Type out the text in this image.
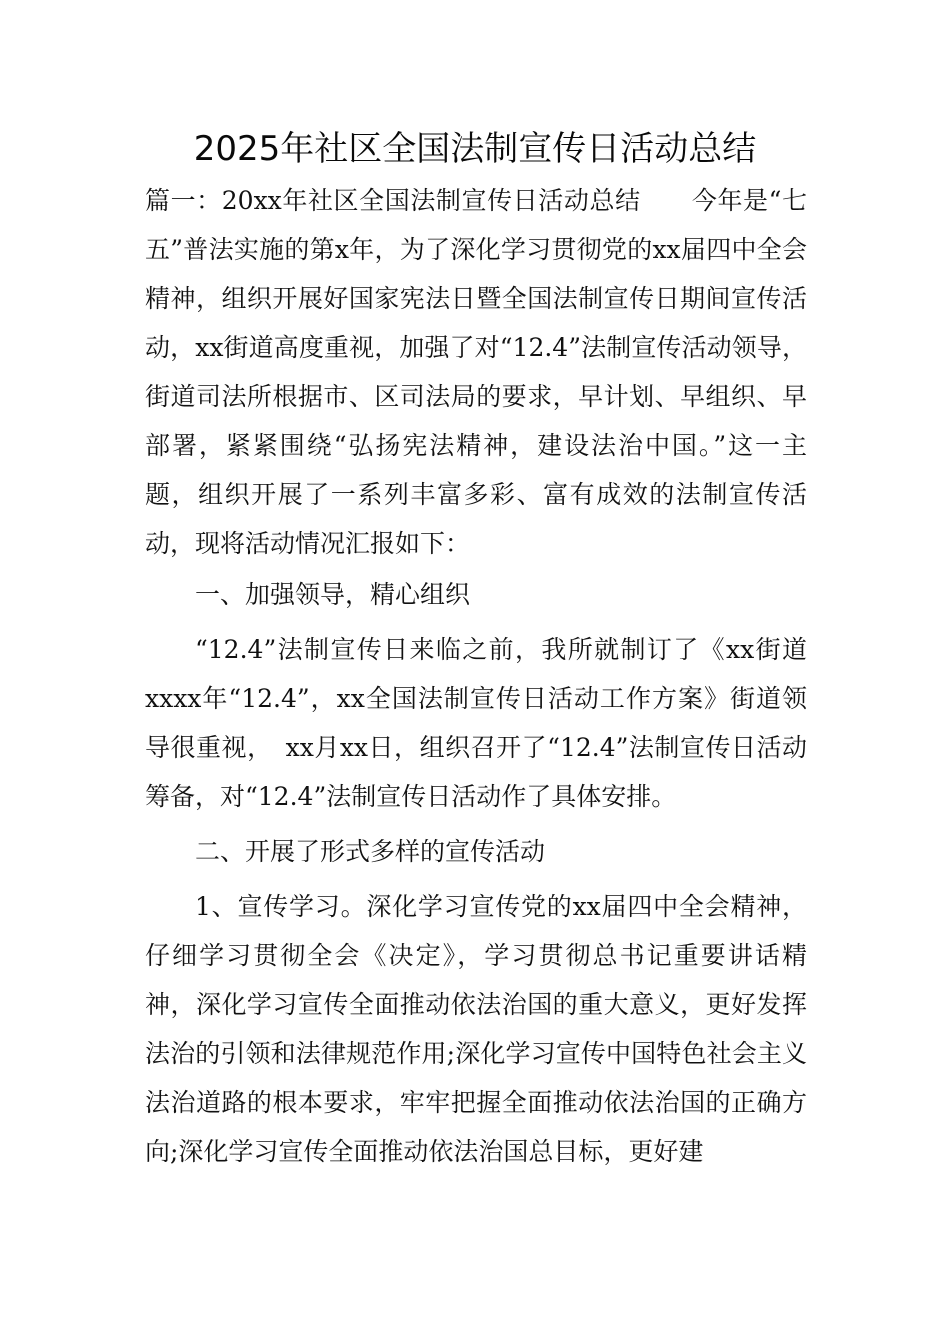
2025年社区全国法制宣传日活动总结

篇一：20xx年社区全国法制宣传日活动总结　　今年是“七五”普法实施的第x年，为了深化学习贯彻党的xx届四中全会精神，组织开展好国家宪法日暨全国法制宣传日期间宣传活动，xx街道高度重视，加强了对“12.4”法制宣传活动领导，街道司法所根据市、区司法局的要求，早计划、早组织、早部署，紧紧围绕“弘扬宪法精神，建设法治中国。”这一主题，组织开展了一系列丰富多彩、富有成效的法制宣传活动，现将活动情况汇报如下：

一、加强领导，精心组织

“12.4”法制宣传日来临之前，我所就制订了《xx街道xxxx年“12.4”，xx全国法制宣传日活动工作方案》街道领导很重视，　xx月xx日，组织召开了“12.4”法制宣传日活动筹备，对“12.4”法制宣传日活动作了具体安排。

二、开展了形式多样的宣传活动

1、宣传学习。深化学习宣传党的xx届四中全会精神，仔细学习贯彻全会《决定》，学习贯彻总书记重要讲话精神，深化学习宣传全面推动依法治国的重大意义，更好发挥法治的引领和法律规范作用;深化学习宣传中国特色社会主义法治道路的根本要求，牢牢把握全面推动依法治国的正确方向;深化学习宣传全面推动依法治国总目标，更好建
